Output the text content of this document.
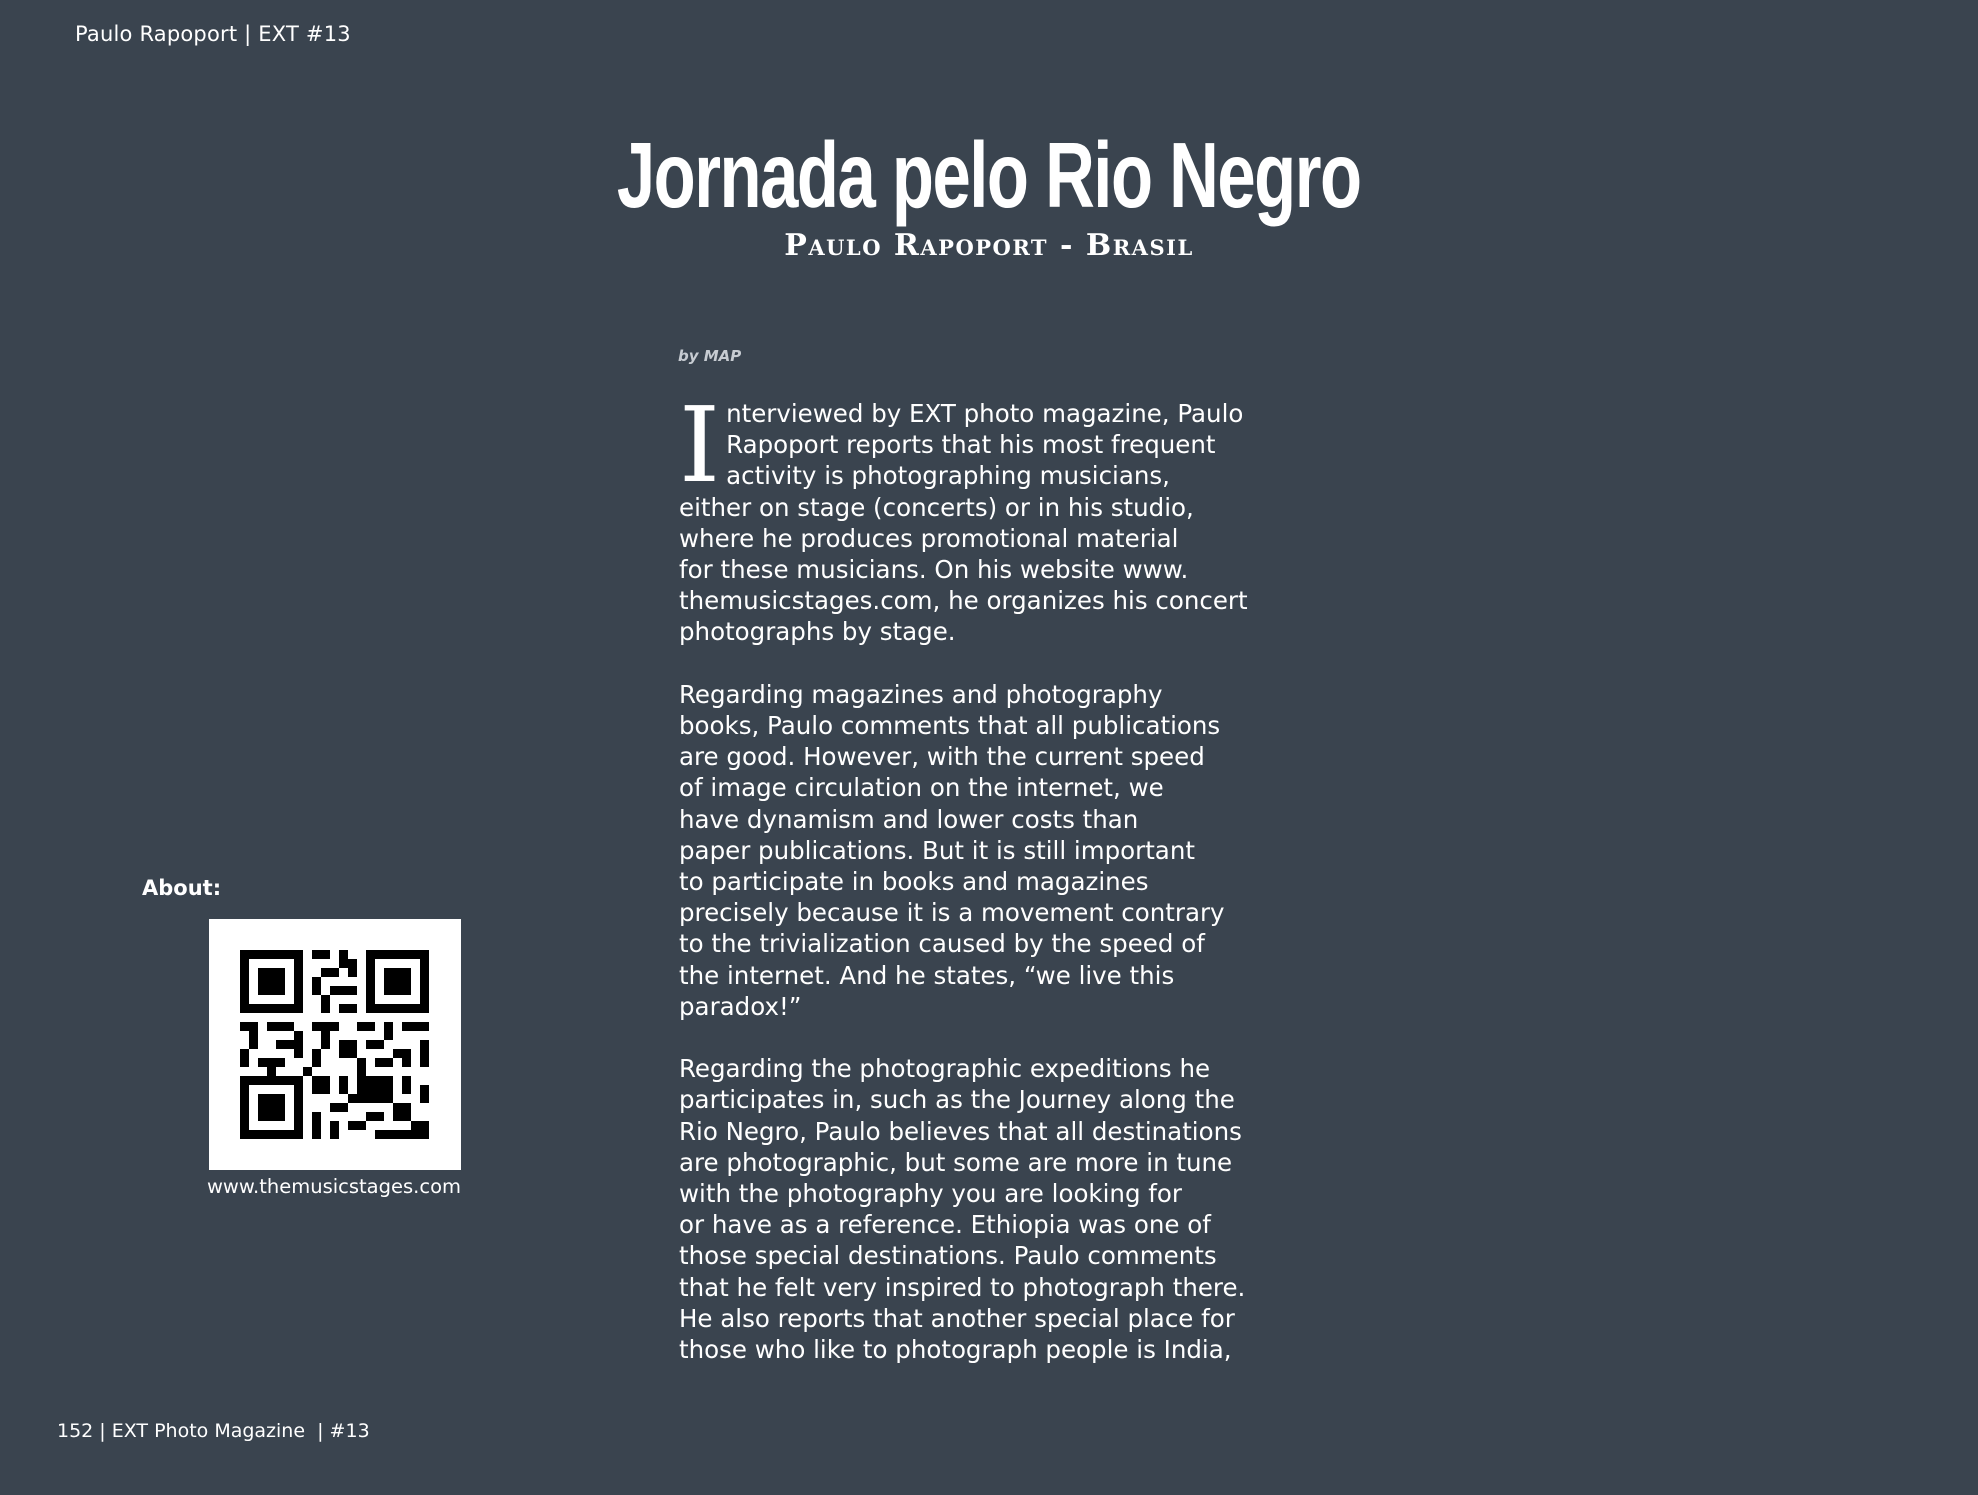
Paulo Rapoport | EXT #13
Jornada pelo Rio Negro
Paulo Rapoport - Brasil
by MAP

I nterviewed by EXT photo magazine, Paulo
Rapoport reports that his most frequent
activity is photographing musicians,
either on stage (concerts) or in his studio,
where he produces promotional material
for these musicians. On his website www.
themusicstages.com, he organizes his concert
photographs by stage.

Regarding magazines and photography
books, Paulo comments that all publications
are good. However, with the current speed
of image circulation on the internet, we
have dynamism and lower costs than
paper publications. But it is still important
to participate in books and magazines
precisely because it is a movement contrary
to the trivialization caused by the speed of
the internet. And he states, “we live this
paradox!”

Regarding the photographic expeditions he
participates in, such as the Journey along the
Rio Negro, Paulo believes that all destinations
are photographic, but some are more in tune
with the photography you are looking for
or have as a reference. Ethiopia was one of
those special destinations. Paulo comments
that he felt very inspired to photograph there.
He also reports that another special place for
those who like to photograph people is India,

About:
www.themusicstages.com
152 | EXT Photo Magazine  | #13
